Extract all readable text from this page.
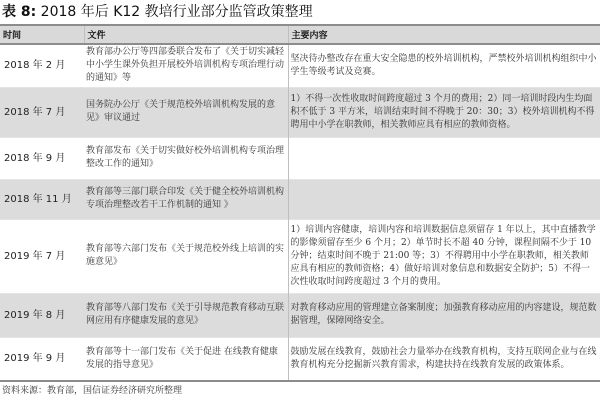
表 8: 2018 年后 K12 教培行业部分监管政策整理
时间	文件	主要内容
2018 年 2 月	教育部办公厅等四部委联合发布了《关于切实减轻中小学生课外负担开展校外培训机构专项治理行动的通知》等	坚决待办整改存在重大安全隐患的校外培训机构，严禁校外培训机构组织中小学生等级考试及竞赛。
2018 年 7 月	国务院办公厅《关于规范校外培训机构发展的意见》审议通过	1）不得一次性收取时间跨度超过 3 个月的费用；2）同一培训时段内生均面积不低于 3 平方米，培训结束时间不得晚于 20：30；3）校外培训机构不得聘用中小学在职教师，相关教师应具有相应的教师资格。
2018 年 9 月	教育部发布《关于切实做好校外培训机构专项治理整改工作的通知》	
2018 年 11 月	教育部等三部门联合印发《关于健全校外培训机构专项治理整改若干工作机制的通知 》	
2019 年 7 月	教育部等六部门发布《关于规范校外线上培训的实施意见》	1）培训内容健康，培训内容和培训数据信息须留存 1 年以上，其中直播教学的影像须留存至少 6 个月；2）单节时长不超 40 分钟，课程间隔不少于 10 分钟；结束时间不晚于 21:00 等；3）不得聘用中小学在职教师，相关教师应具有相应的教师资格；4）做好培训对象信息和数据安全防护；5）不得一次性收取时间跨度超过 3 个月的费用。
2019 年 8 月	教育部等八部门发布《关于引导规范教育移动互联网应用有序健康发展的意见》	对教育移动应用的管理建立备案制度；加强教育移动应用的内容建设，规范数据管理，保障网络安全。
2019 年 9 月	教育部等十一部门发布《关于促进 在线教育健康发展的指导意见》	鼓励发展在线教育，鼓励社会力量举办在线教育机构，支持互联网企业与在线教育机构充分挖掘新兴教育需求，构建扶持在线教育发展的政策体系。
资料来源：教育部，国信证券经济研究所整理
